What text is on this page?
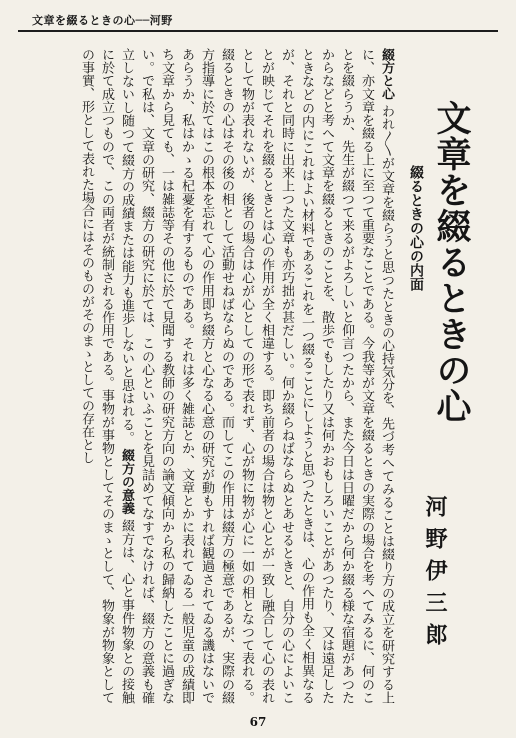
文章を綴るときの心──河野
文章を綴るときの心
綴るときの心の内面
河野伊三郎
綴方と心 われ〳〵が文章を綴らうと思つたときの心持気分を、先づ考へてみることは綴り方の成立を研究する上に、亦文章を綴る上に至つて重要なことである。今我等が文章を綴るときの実際の場合を考へてみるに、何のことを綴らうか、先生が綴つて来るがよろしいと仰言つたから、また今日は日曜だから何か綴る様な宿題があつたからなどと考へて文章を綴るときのことを、散歩でもしたり又は何かおもしろいことがあつたり、又は遠足したときなどの内にこれはよい材料であるこれを一つ綴ることにしようと思つたときは、心の作用も全く相異なるが、それと同時に出来上つた文章も亦巧拙が甚だしい。何か綴らねばならぬとあせるときと、自分の心によいことが映じてそれを綴るときとは心の作用が全く相違する。即ち前者の場合は物と心とが一致し融合して心の表れとして物が表れないが、後者の場合は心が心としての形で表れず、心が物に物が心に一如の相となつて表れる。綴るときの心はその後の相として活動せねばならぬのである。而してこの作用は綴方の極意であるが、実際の綴方指導に於てはこの根本を忘れて心の作用即ち綴方と心なる心意の研究が動もすれば観過されてゐる譏はないであらうか、私はかゝる杞憂を有するものである。それは多く雑誌とか、文章とかに表れてゐる一般児童の成績即ち文章から見ても、一は雑誌等その他に於て見聞する教師の研究方向の論文傾向から私の歸納したことに過ぎない。で私は、文章の研究、綴方の研究に於ては、この心といふことを見詰めてなすでなければ、綴方の意義も確立しないし随つて綴方の成績または能力も進歩しないと思はれる。 綴方の意義 綴方は、心と事件物象との接触に於て成立つもので、この両者が統制される作用である。事物が事物としてそのまゝとして、物象が物象としての事實、形として表れた場合にはそのものがそのまゝとしての存在とし
67
